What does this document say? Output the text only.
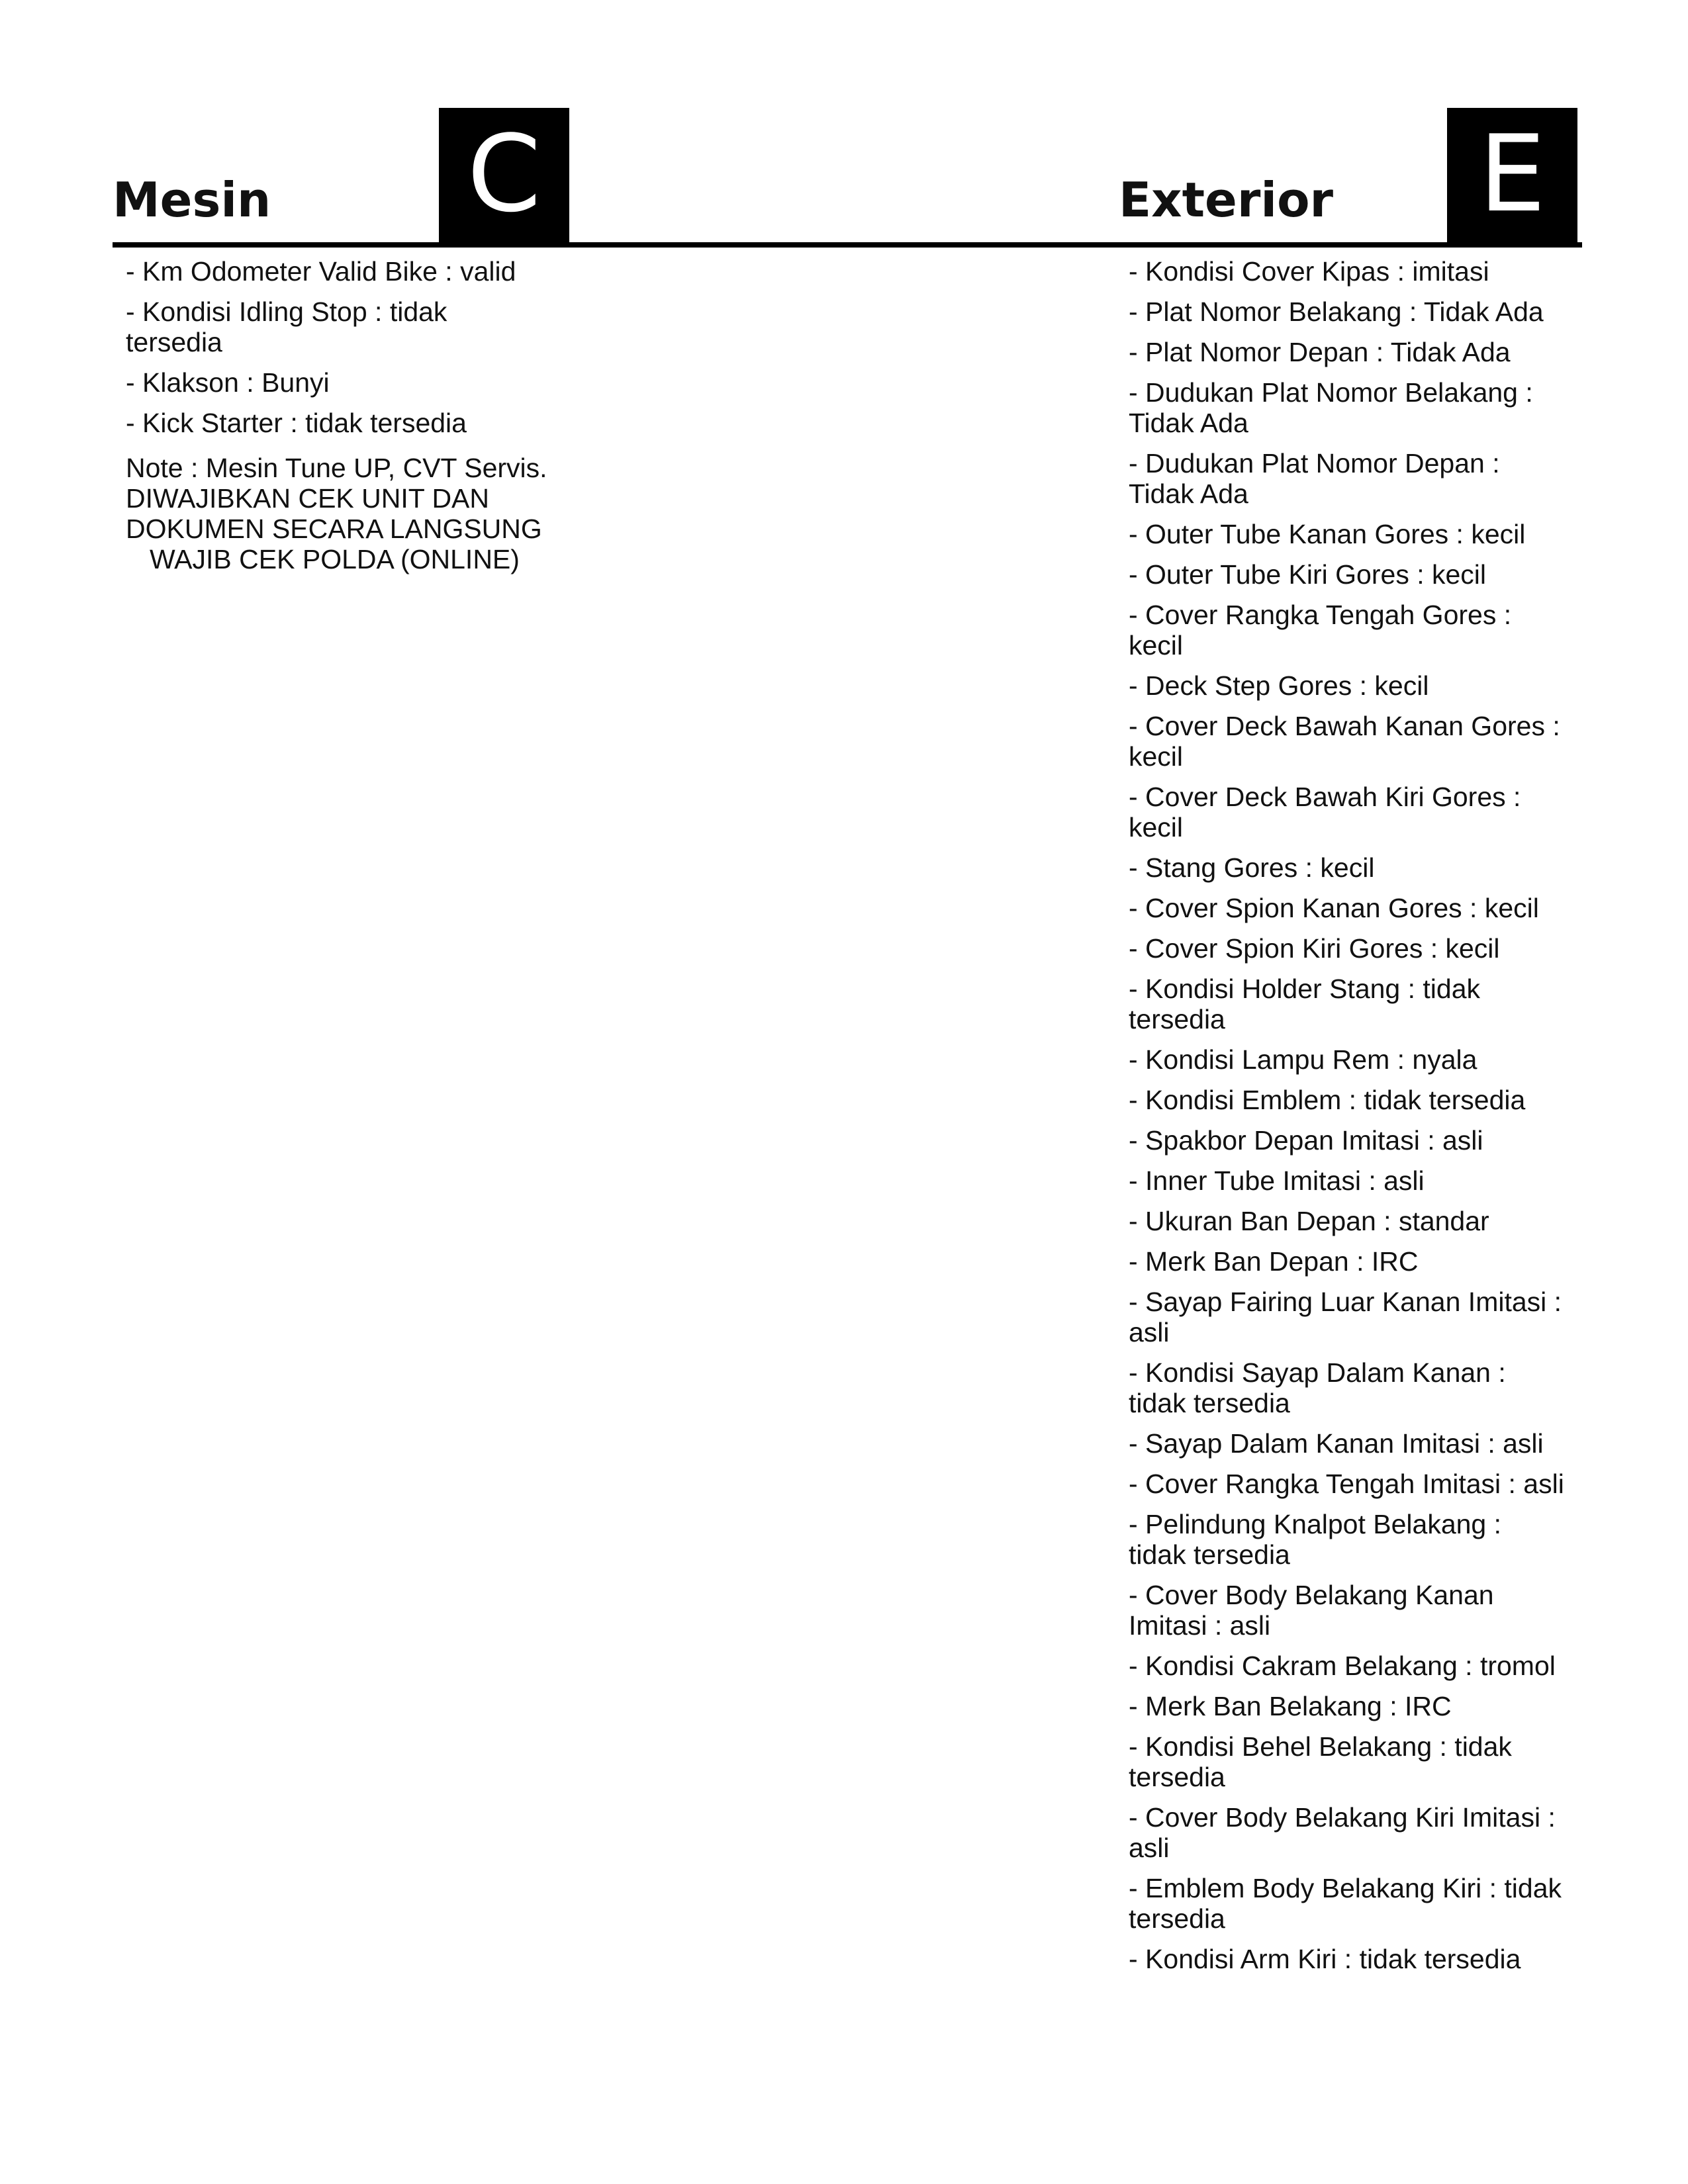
Mesin C	Exterior E
- Km Odometer Valid Bike : valid
- Kondisi Idling Stop : tidak tersedia
- Klakson : Bunyi
- Kick Starter : tidak tersedia
Note : Mesin Tune UP, CVT Servis.
DIWAJIBKAN CEK UNIT DAN
DOKUMEN SECARA LANGSUNG
WAJIB CEK POLDA (ONLINE)
- Kondisi Cover Kipas : imitasi
- Plat Nomor Belakang : Tidak Ada
- Plat Nomor Depan : Tidak Ada
- Dudukan Plat Nomor Belakang : Tidak Ada
- Dudukan Plat Nomor Depan : Tidak Ada
- Outer Tube Kanan Gores : kecil
- Outer Tube Kiri Gores : kecil
- Cover Rangka Tengah Gores : kecil
- Deck Step Gores : kecil
- Cover Deck Bawah Kanan Gores : kecil
- Cover Deck Bawah Kiri Gores : kecil
- Stang Gores : kecil
- Cover Spion Kanan Gores : kecil
- Cover Spion Kiri Gores : kecil
- Kondisi Holder Stang : tidak tersedia
- Kondisi Lampu Rem : nyala
- Kondisi Emblem : tidak tersedia
- Spakbor Depan Imitasi : asli
- Inner Tube Imitasi : asli
- Ukuran Ban Depan : standar
- Merk Ban Depan : IRC
- Sayap Fairing Luar Kanan Imitasi : asli
- Kondisi Sayap Dalam Kanan : tidak tersedia
- Sayap Dalam Kanan Imitasi : asli
- Cover Rangka Tengah Imitasi : asli
- Pelindung Knalpot Belakang : tidak tersedia
- Cover Body Belakang Kanan Imitasi : asli
- Kondisi Cakram Belakang : tromol
- Merk Ban Belakang : IRC
- Kondisi Behel Belakang : tidak tersedia
- Cover Body Belakang Kiri Imitasi : asli
- Emblem Body Belakang Kiri : tidak tersedia
- Kondisi Arm Kiri : tidak tersedia
